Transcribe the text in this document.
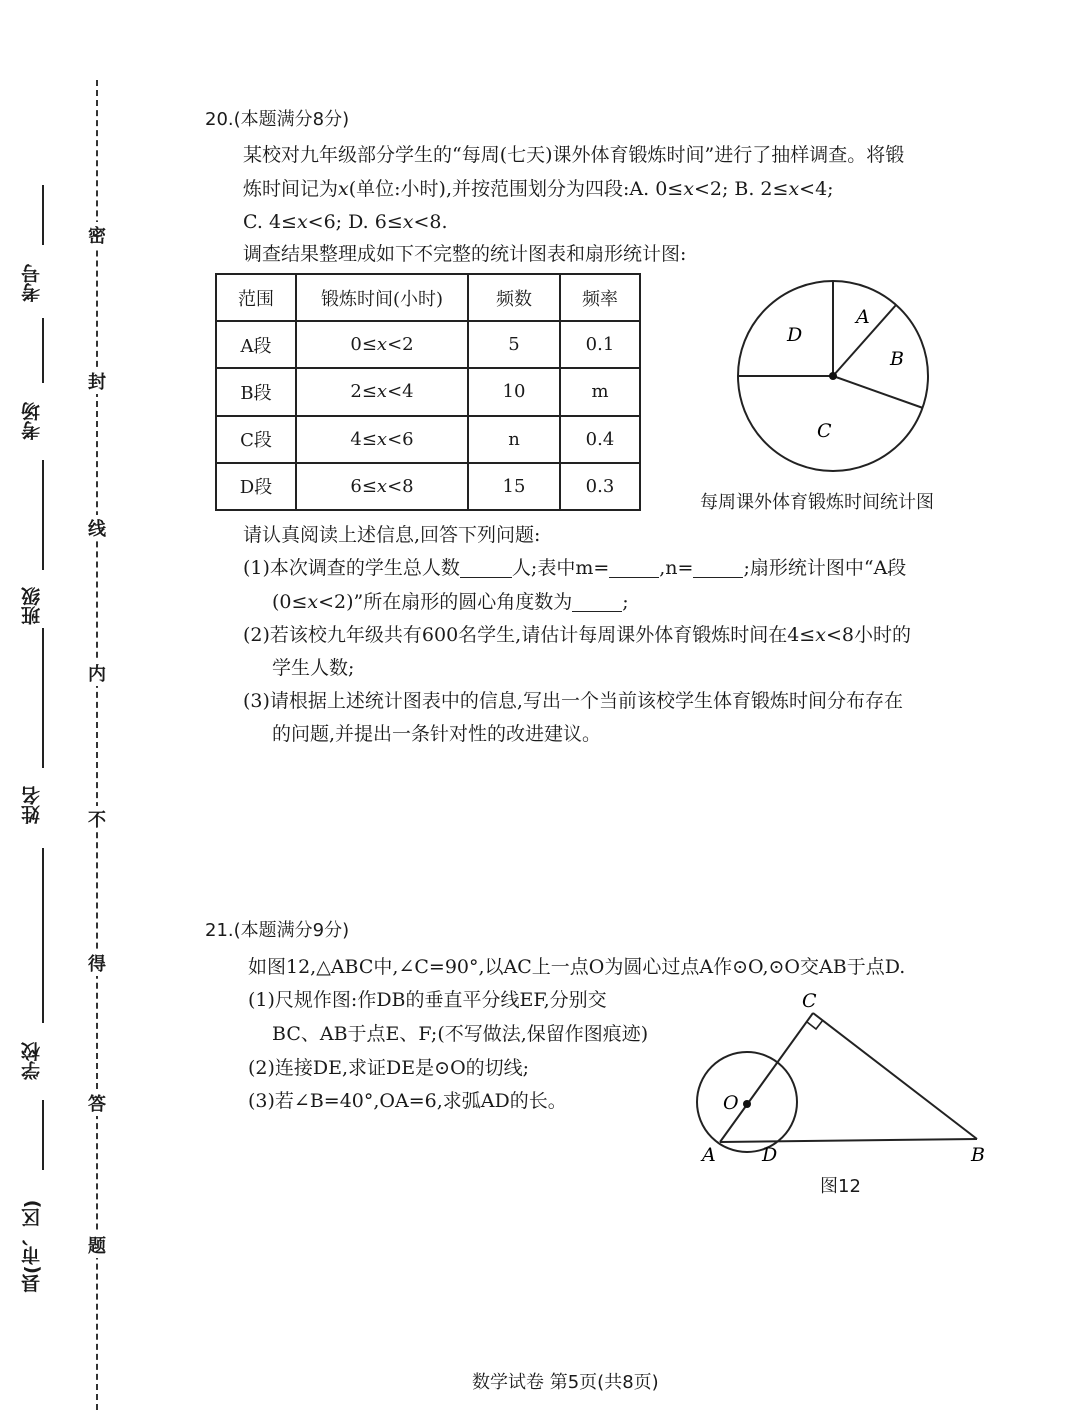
考号
考场
班级
姓名
学校
县(市、区)
密
封
线
内
不
得
答
题
20.(本题满分8分)
某校对九年级部分学生的“每周(七天)课外体育锻炼时间”进行了抽样调查。将锻
炼时间记为x(单位:小时),并按范围划分为四段:A. 0≤x<2; B. 2≤x<4;
C. 4≤x<6; D. 6≤x<8.
调查结果整理成如下不完整的统计图表和扇形统计图:
范围	锻炼时间(小时)	频数	频率
A段	0≤x<2	5	0.1
B段	2≤x<4	10	m
C段	4≤x<6	n	0.4
D段	6≤x<8	15	0.3
A
B
C
D
每周课外体育锻炼时间统计图
请认真阅读上述信息,回答下列问题:
(1)本次调查的学生总人数	人;表中m=	,n=	;扇形统计图中“A段
(0≤x<2)”所在扇形的圆心角度数为	;
(2)若该校九年级共有600名学生,请估计每周课外体育锻炼时间在4≤x<8小时的
学生人数;
(3)请根据上述统计图表中的信息,写出一个当前该校学生体育锻炼时间分布存在
的问题,并提出一条针对性的改进建议。
21.(本题满分9分)
如图12,△ABC中,∠C=90°,以AC上一点O为圆心过点A作⊙O,⊙O交AB于点D.
(1)尺规作图:作DB的垂直平分线EF,分别交
BC、AB于点E、F;(不写做法,保留作图痕迹)
(2)连接DE,求证DE是⊙O的切线;
(3)若∠B=40°,OA=6,求弧AD的长。
C
O
A D	B
图12
数学试卷 第5页(共8页)
